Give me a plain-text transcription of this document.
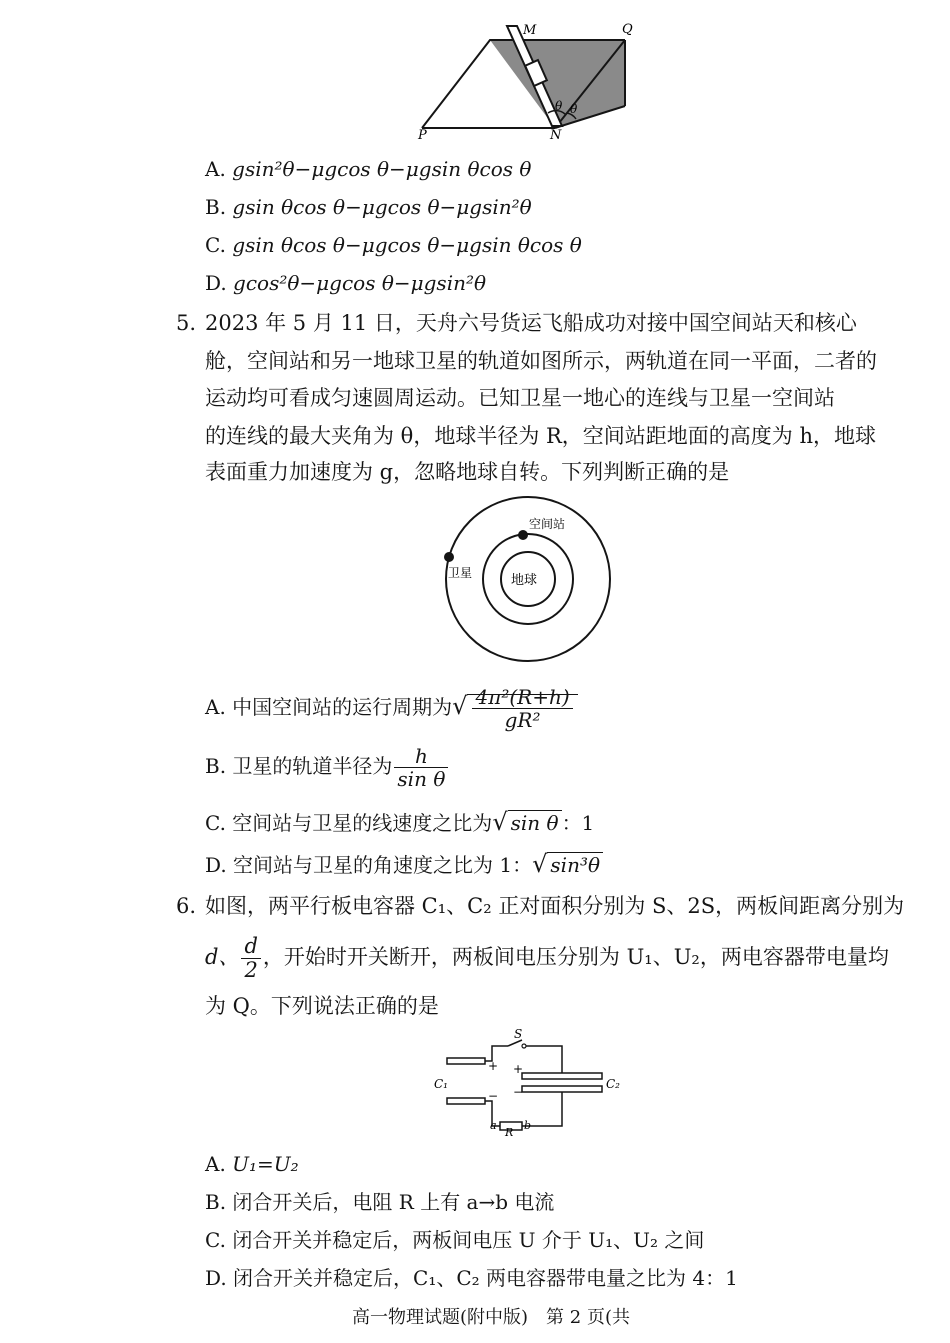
M	Q
P	N
θ θ
A. gsin²θ−μgcos θ−μgsin θcos θ
B. gsin θcos θ−μgcos θ−μgsin²θ
C. gsin θcos θ−μgcos θ−μgsin θcos θ
D. gcos²θ−μgcos θ−μgsin²θ
5. 2023 年 5 月 11 日，天舟六号货运飞船成功对接中国空间站天和核心
舱，空间站和另一地球卫星的轨道如图所示，两轨道在同一平面，二者的
运动均可看成匀速圆周运动。已知卫星一地心的连线与卫星一空间站
的连线的最大夹角为 θ，地球半径为 R，空间站距地面的高度为 h，地球
表面重力加速度为 g，忽略地球自转。下列判断正确的是
地球
空间站
卫星
A. 中国空间站的运行周期为√ $\frac{\text{4π²(R+h)}}{\text{gR²}}$
B. 卫星的轨道半径为 $\frac{h}{\text{sin θ}}$
C. 空间站与卫星的线速度之比为√ sin θ ：1
D. 空间站与卫星的角速度之比为 1：√ sin³θ
6. 如图，两平行板电容器 C₁、C₂ 正对面积分别为 S、2S，两板间距离分别为
d、 $\frac{d}{2}$ ，开始时开关断开，两板间电压分别为 U₁、U₂，两电容器带电量均
为 Q。下列说法正确的是
S
C₁	C₂
+ +
− −
a
R
b
A. U₁=U₂
B. 闭合开关后，电阻 R 上有 a→b 电流
C. 闭合开关并稳定后，两板间电压 U 介于 U₁、U₂ 之间
D. 闭合开关并稳定后，C₁、C₂ 两电容器带电量之比为 4：1
高一物理试题(附中版)　第 2 页(共
